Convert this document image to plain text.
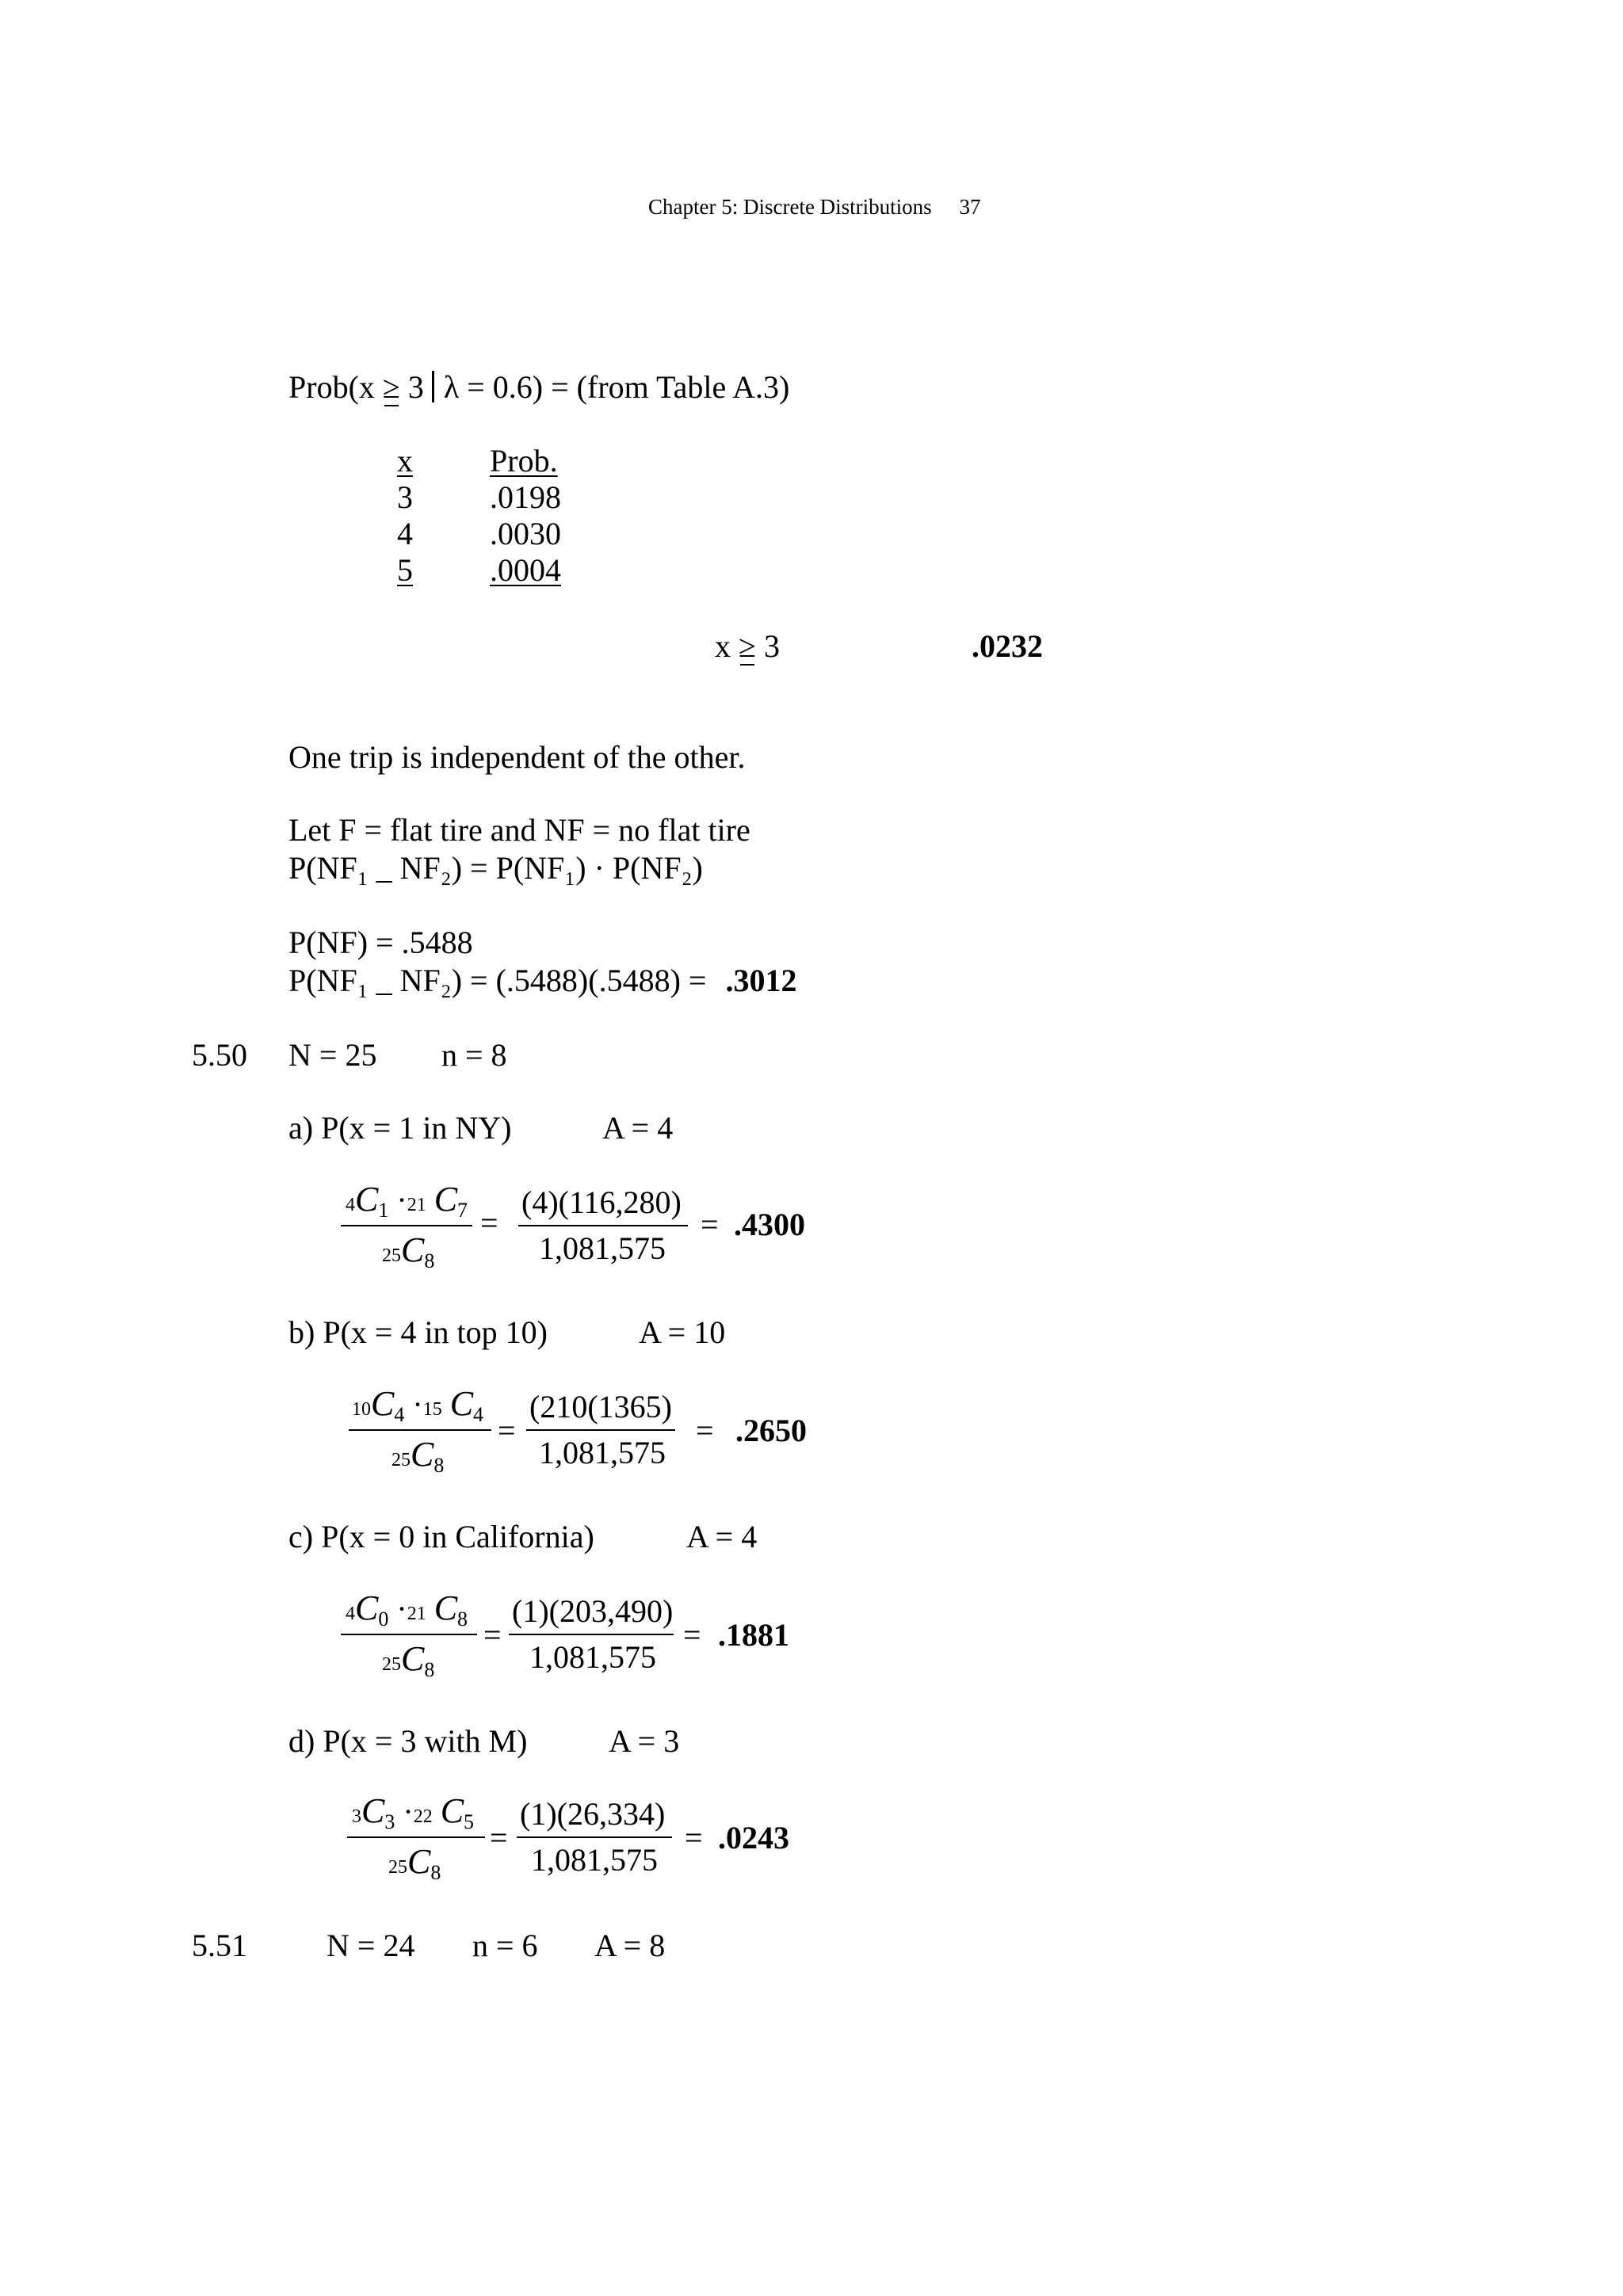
Chapter 5: Discrete Distributions 37
Prob(x ≥ 3 λ = 0.6) = (from Table A.3)
x Prob.
3 .0198
4 .0030
5 .0004
x ≥ 3	.0232
One trip is independent of the other.
Let F = flat tire and NF = no flat tire
P(NF₁ _ NF₂) = P(NF₁) · P(NF₂)
P(NF) = .5488
P(NF₁ _ NF₂) = (.5488)(.5488) = .3012
5.50 N = 25 n = 8
a) P(x = 1 in NY)	A = 4
$4C_1 \cdot 21$ $C_7$
$25C_8$
=
(4)(116,280)
1,081,575
= .4300
b) P(x = 4 in top 10)	A = 10
$10C_4 \cdot 15$ $C_4$
$25C_8$
=
(210(1365)
1,081,575
= .2650
c) P(x = 0 in California)	A = 4
$4C_0 \cdot 21$ $C_8$
$25C_8$
=
(1)(203,490)
1,081,575
= .1881
d) P(x = 3 with M)	A = 3
$3C_3 \cdot 22$ $C_5$
$25C_8$
=
(1)(26,334)
1,081,575
= .0243
5.51	N = 24 n = 6 A = 8
